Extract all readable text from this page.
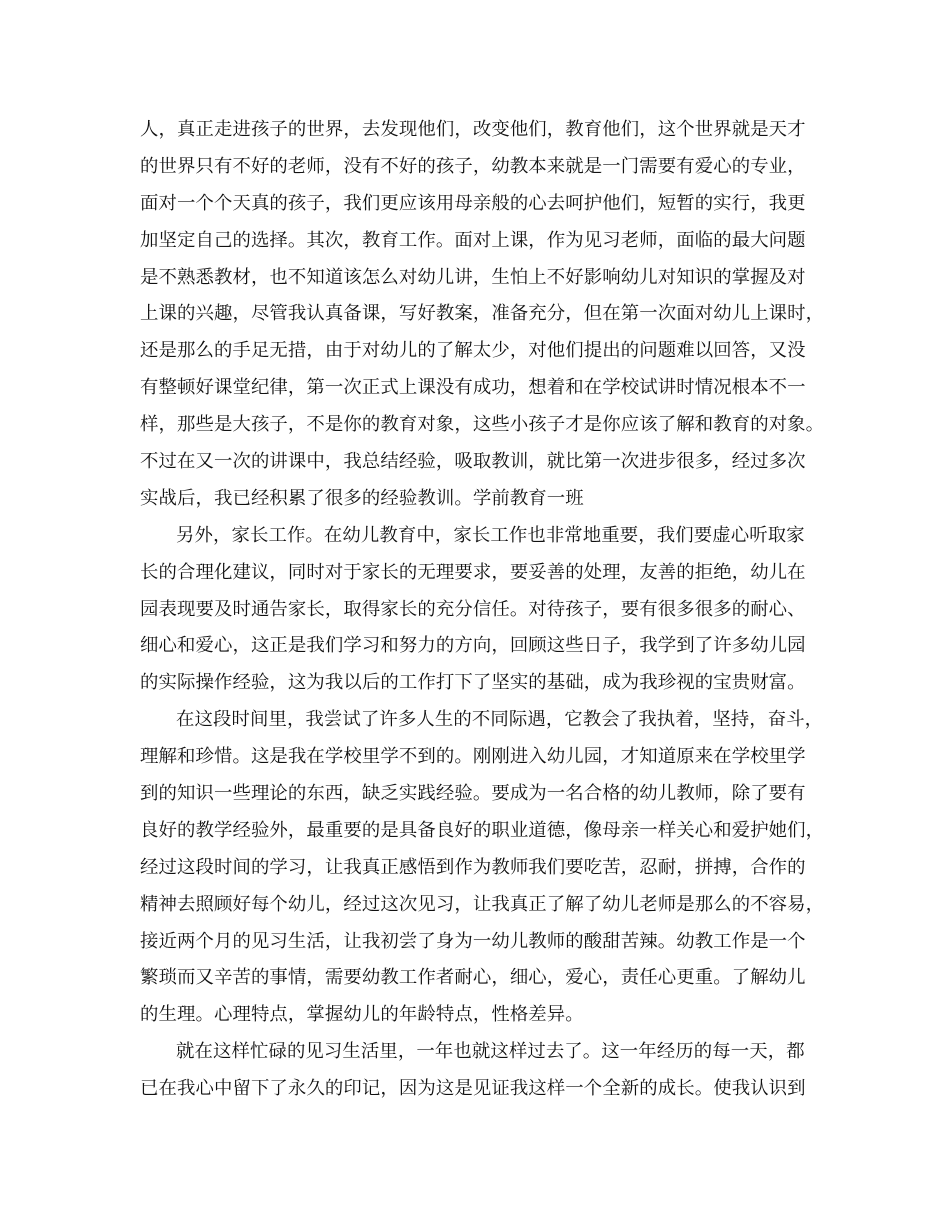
人，真正走进孩子的世界，去发现他们，改变他们，教育他们，这个世界就是天才
的世界只有不好的老师，没有不好的孩子，幼教本来就是一门需要有爱心的专业，
面对一个个天真的孩子，我们更应该用母亲般的心去呵护他们，短暂的实行，我更
加坚定自己的选择。其次，教育工作。面对上课，作为见习老师，面临的最大问题
是不熟悉教材，也不知道该怎么对幼儿讲，生怕上不好影响幼儿对知识的掌握及对
上课的兴趣，尽管我认真备课，写好教案，准备充分，但在第一次面对幼儿上课时，
还是那么的手足无措，由于对幼儿的了解太少，对他们提出的问题难以回答，又没
有整顿好课堂纪律，第一次正式上课没有成功，想着和在学校试讲时情况根本不一
样，那些是大孩子，不是你的教育对象，这些小孩子才是你应该了解和教育的对象。
不过在又一次的讲课中，我总结经验，吸取教训，就比第一次进步很多，经过多次
实战后，我已经积累了很多的经验教训。学前教育一班
另外，家长工作。在幼儿教育中，家长工作也非常地重要，我们要虚心听取家
长的合理化建议，同时对于家长的无理要求，要妥善的处理，友善的拒绝，幼儿在
园表现要及时通告家长，取得家长的充分信任。对待孩子，要有很多很多的耐心、
细心和爱心，这正是我们学习和努力的方向，回顾这些日子，我学到了许多幼儿园
的实际操作经验，这为我以后的工作打下了坚实的基础，成为我珍视的宝贵财富。
在这段时间里，我尝试了许多人生的不同际遇，它教会了我执着，坚持，奋斗，
理解和珍惜。这是我在学校里学不到的。刚刚进入幼儿园，才知道原来在学校里学
到的知识一些理论的东西，缺乏实践经验。要成为一名合格的幼儿教师，除了要有
良好的教学经验外，最重要的是具备良好的职业道德，像母亲一样关心和爱护她们，
经过这段时间的学习，让我真正感悟到作为教师我们要吃苦，忍耐，拼搏，合作的
精神去照顾好每个幼儿，经过这次见习，让我真正了解了幼儿老师是那么的不容易，
接近两个月的见习生活，让我初尝了身为一幼儿教师的酸甜苦辣。幼教工作是一个
繁琐而又辛苦的事情，需要幼教工作者耐心，细心，爱心，责任心更重。了解幼儿
的生理。心理特点，掌握幼儿的年龄特点，性格差异。
就在这样忙碌的见习生活里，一年也就这样过去了。这一年经历的每一天，都
已在我心中留下了永久的印记，因为这是见证我这样一个全新的成长。使我认识到
